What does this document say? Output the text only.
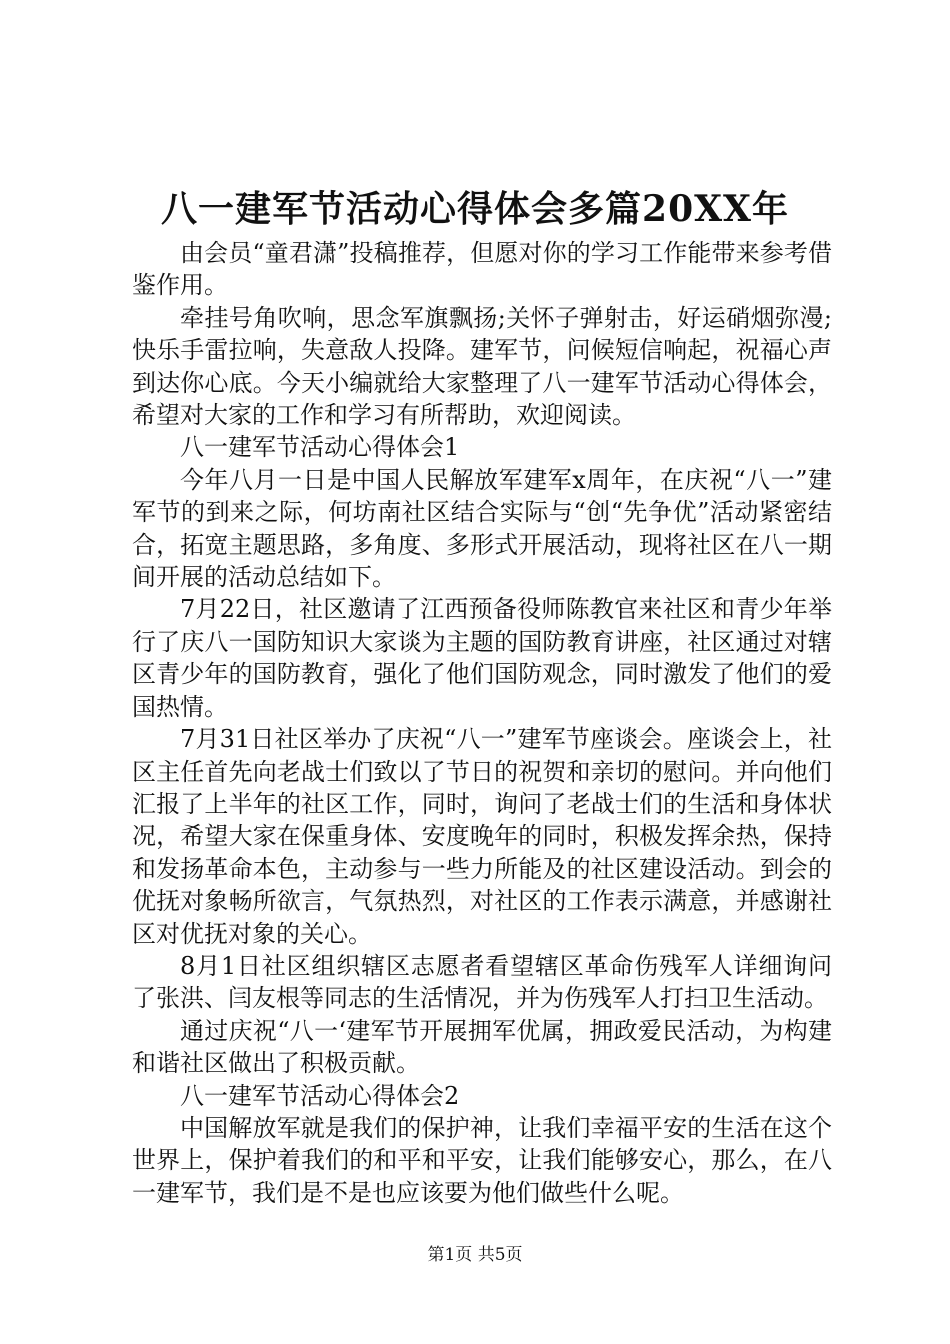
八一建军节活动心得体会多篇20XX年

由会员“童君潇”投稿推荐，但愿对你的学习工作能带来参考借鉴作用。

牵挂号角吹响，思念军旗飘扬;关怀子弹射击，好运硝烟弥漫;快乐手雷拉响，失意敌人投降。建军节，问候短信响起，祝福心声到达你心底。今天小编就给大家整理了八一建军节活动心得体会，希望对大家的工作和学习有所帮助，欢迎阅读。

八一建军节活动心得体会1

今年八月一日是中国人民解放军建军x周年，在庆祝“八一”建军节的到来之际，何坊南社区结合实际与“创“先争优”活动紧密结合，拓宽主题思路，多角度、多形式开展活动，现将社区在八一期间开展的活动总结如下。

7月22日，社区邀请了江西预备役师陈教官来社区和青少年举行了庆八一国防知识大家谈为主题的国防教育讲座，社区通过对辖区青少年的国防教育，强化了他们国防观念，同时激发了他们的爱国热情。

7月31日社区举办了庆祝“八一”建军节座谈会。座谈会上，社区主任首先向老战士们致以了节日的祝贺和亲切的慰问。并向他们汇报了上半年的社区工作，同时，询问了老战士们的生活和身体状况，希望大家在保重身体、安度晚年的同时，积极发挥余热，保持和发扬革命本色，主动参与一些力所能及的社区建设活动。到会的优抚对象畅所欲言，气氛热烈，对社区的工作表示满意，并感谢社区对优抚对象的关心。

8月1日社区组织辖区志愿者看望辖区革命伤残军人详细询问了张洪、闫友根等同志的生活情况，并为伤残军人打扫卫生活动。

通过庆祝“八一‘建军节开展拥军优属，拥政爱民活动，为构建和谐社区做出了积极贡献。

八一建军节活动心得体会2

中国解放军就是我们的保护神，让我们幸福平安的生活在这个世界上，保护着我们的和平和平安，让我们能够安心，那么，在八一建军节，我们是不是也应该要为他们做些什么呢。

第1页 共5页
